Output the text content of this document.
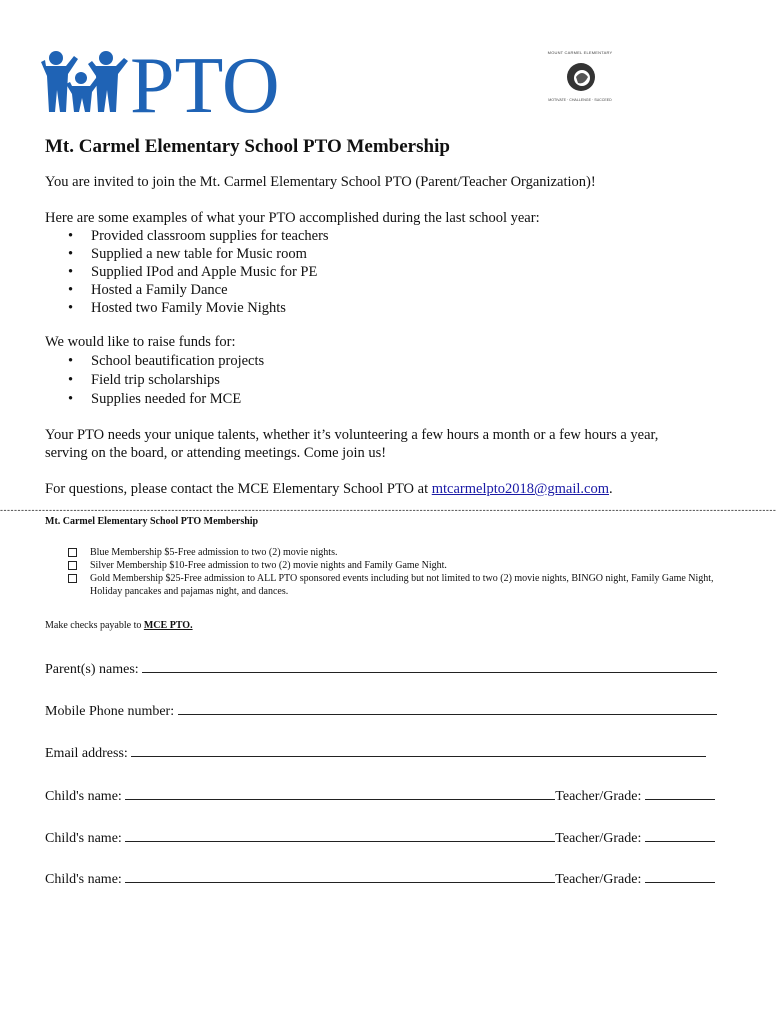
PTO	MOUNT CARMEL ELEMENTARY
MOTIVATE · CHALLENGE · SUCCEED
Mt. Carmel Elementary School PTO Membership

You are invited to join the Mt. Carmel Elementary School PTO (Parent/Teacher Organization)!

Here are some examples of what your PTO accomplished during the last school year:

• Provided classroom supplies for teachers
• Supplied a new table for Music room
• Supplied IPod and Apple Music for PE
• Hosted a Family Dance
• Hosted two Family Movie Nights

We would like to raise funds for:

• School beautification projects
• Field trip scholarships
• Supplies needed for MCE

Your PTO needs your unique talents, whether it’s volunteering a few hours a month or a few hours a year,

serving on the board, or attending meetings. Come join us!

For questions, please contact the MCE Elementary School PTO at mtcarmelpto2018@gmail.com.

------------------------------------------------------------------------------------------------------------------------------------------------------------------------------------------------------------------------------
Mt. Carmel Elementary School PTO Membership
Blue Membership $5-Free admission to two (2) movie nights.
Silver Membership $10-Free admission to two (2) movie nights and Family Game Night.
Gold Membership $25-Free admission to ALL PTO sponsored events including but not limited to two (2) movie nights, BINGO night, Family Game Night, Holiday pancakes and pajamas night, and dances.
Make checks payable to MCE PTO.
Parent(s) names:
Mobile Phone number:
Email address:
Child's name:	Teacher/Grade:
Child's name:	Teacher/Grade:
Child's name:	Teacher/Grade:
